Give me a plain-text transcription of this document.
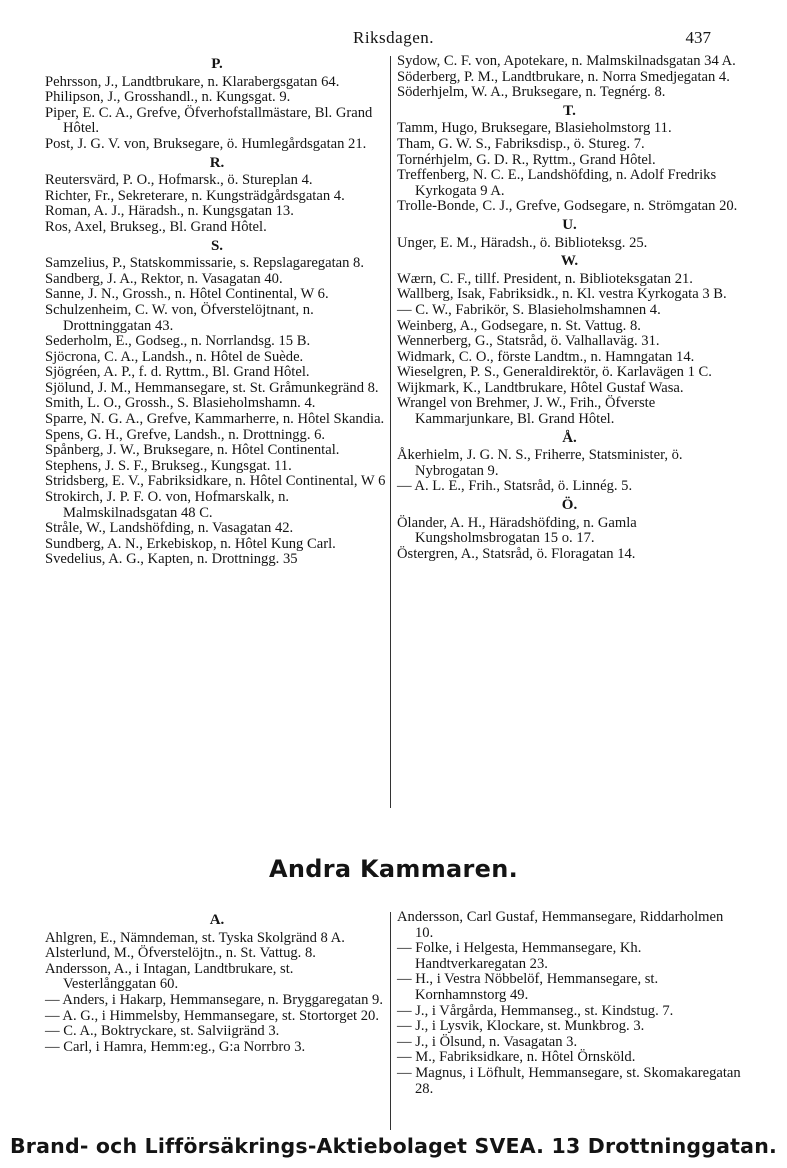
Riksdagen.	437
P.
Pehrsson, J., Landtbrukare, n. Klarabergsgatan 64.
Philipson, J., Grosshandl., n. Kungsgat. 9.
Piper, E. C. A., Grefve, Öfverhofstallmästare, Bl. Grand Hôtel.
Post, J. G. V. von, Bruksegare, ö. Humlegårdsgatan 21.
R.
Reutersvärd, P. O., Hofmarsk., ö. Stureplan 4.
Richter, Fr., Sekreterare, n. Kungsträdgårdsgatan 4.
Roman, A. J., Häradsh., n. Kungsgatan 13.
Ros, Axel, Brukseg., Bl. Grand Hôtel.
S.
Samzelius, P., Statskommissarie, s. Repslagaregatan 8.
Sandberg, J. A., Rektor, n. Vasagatan 40.
Sanne, J. N., Grossh., n. Hôtel Continental, W 6.
Schulzenheim, C. W. von, Öfverstelöjtnant, n. Drottninggatan 43.
Sederholm, E., Godseg., n. Norrlandsg. 15 B.
Sjöcrona, C. A., Landsh., n. Hôtel de Suède.
Sjögréen, A. P., f. d. Ryttm., Bl. Grand Hôtel.
Sjölund, J. M., Hemmansegare, st. St. Gråmunkegränd 8.
Smith, L. O., Grossh., S. Blasieholmshamn. 4.
Sparre, N. G. A., Grefve, Kammarherre, n. Hôtel Skandia.
Spens, G. H., Grefve, Landsh., n. Drottningg. 6.
Spånberg, J. W., Bruksegare, n. Hôtel Continental.
Stephens, J. S. F., Brukseg., Kungsgat. 11.
Stridsberg, E. V., Fabriksidkare, n. Hôtel Continental, W 6
Strokirch, J. P. F. O. von, Hofmarskalk, n. Malmskilnadsgatan 48 C.
Stråle, W., Landshöfding, n. Vasagatan 42.
Sundberg, A. N., Erkebiskop, n. Hôtel Kung Carl.
Svedelius, A. G., Kapten, n. Drottningg. 35
Sydow, C. F. von, Apotekare, n. Malmskilnadsgatan 34 A.
Söderberg, P. M., Landtbrukare, n. Norra Smedjegatan 4.
Söderhjelm, W. A., Bruksegare, n. Tegnérg. 8.
T.
Tamm, Hugo, Bruksegare, Blasieholmstorg 11.
Tham, G. W. S., Fabriksdisp., ö. Stureg. 7.
Tornérhjelm, G. D. R., Ryttm., Grand Hôtel.
Treffenberg, N. C. E., Landshöfding, n. Adolf Fredriks Kyrkogata 9 A.
Trolle-Bonde, C. J., Grefve, Godsegare, n. Strömgatan 20.
U.
Unger, E. M., Häradsh., ö. Biblioteksg. 25.
W.
Wærn, C. F., tillf. President, n. Biblioteksgatan 21.
Wallberg, Isak, Fabriksidk., n. Kl. vestra Kyrkogata 3 B.
— C. W., Fabrikör, S. Blasieholmshamnen 4.
Weinberg, A., Godsegare, n. St. Vattug. 8.
Wennerberg, G., Statsråd, ö. Valhallaväg. 31.
Widmark, C. O., förste Landtm., n. Hamngatan 14.
Wieselgren, P. S., Generaldirektör, ö. Karlavägen 1 C.
Wijkmark, K., Landtbrukare, Hôtel Gustaf Wasa.
Wrangel von Brehmer, J. W., Frih., Öfverste Kammarjunkare, Bl. Grand Hôtel.
Å.
Åkerhielm, J. G. N. S., Friherre, Statsminister, ö. Nybrogatan 9.
— A. L. E., Frih., Statsråd, ö. Linnég. 5.
Ö.
Ölander, A. H., Häradshöfding, n. Gamla Kungsholmsbrogatan 15 o. 17.
Östergren, A., Statsråd, ö. Floragatan 14.
Andra Kammaren.
A.
Ahlgren, E., Nämndeman, st. Tyska Skolgränd 8 A.
Alsterlund, M., Öfverstelöjtn., n. St. Vattug. 8.
Andersson, A., i Intagan, Landtbrukare, st. Vesterlånggatan 60.
— Anders, i Hakarp, Hemmansegare, n. Bryggaregatan 9.
— A. G., i Himmelsby, Hemmansegare, st. Stortorget 20.
— C. A., Boktryckare, st. Salviigränd 3.
— Carl, i Hamra, Hemm:eg., G:a Norrbro 3.
Andersson, Carl Gustaf, Hemmansegare, Riddarholmen 10.
— Folke, i Helgesta, Hemmansegare, Kh. Handtverkaregatan 23.
— H., i Vestra Nöbbelöf, Hemmansegare, st. Kornhamnstorg 49.
— J., i Vårgårda, Hemmanseg., st. Kindstug. 7.
— J., i Lysvik, Klockare, st. Munkbrog. 3.
— J., i Ölsund, n. Vasagatan 3.
— M., Fabriksidkare, n. Hôtel Örnsköld.
— Magnus, i Löfhult, Hemmansegare, st. Skomakaregatan 28.
Brand- och Lifförsäkrings-Aktiebolaget SVEA. 13 Drottninggatan.
